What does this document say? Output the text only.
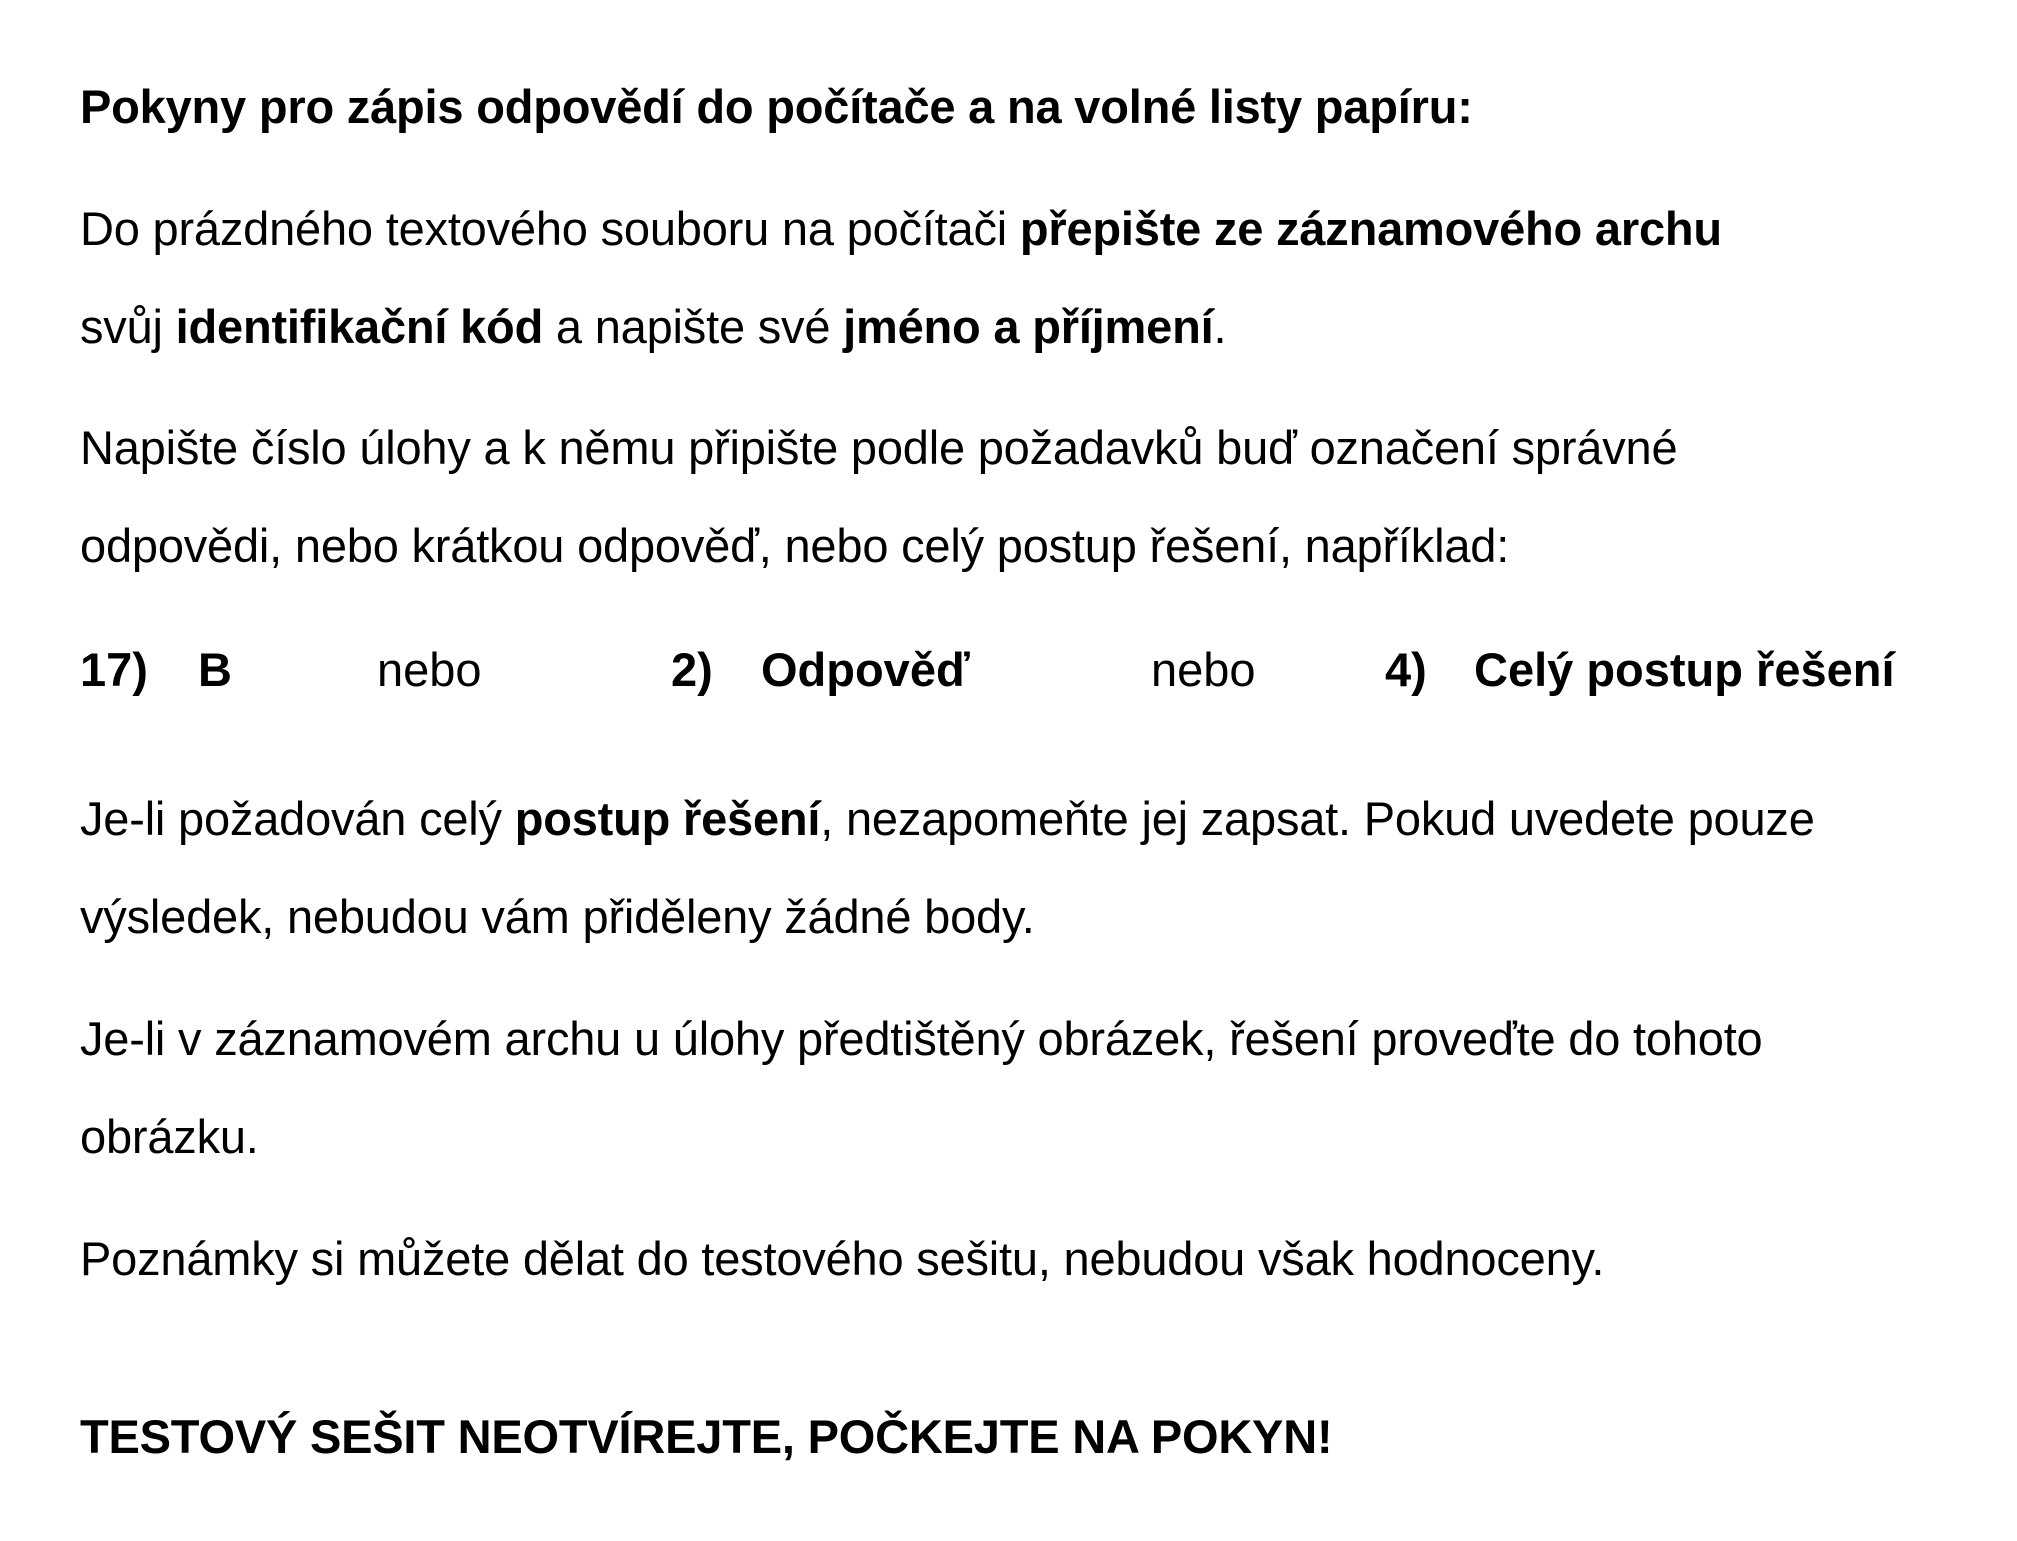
Pokyny pro zápis odpovědí do počítače a na volné listy papíru:
Do prázdného textového souboru na počítači přepište ze záznamového archu
svůj identifikační kód a napište své jméno a příjmení.
Napište číslo úlohy a k němu připište podle požadavků buď označení správné
odpovědi, nebo krátkou odpověď, nebo celý postup řešení, například:
17) B	nebo	2) Odpověď	nebo	4) Celý postup řešení
Je-li požadován celý postup řešení, nezapomeňte jej zapsat. Pokud uvedete pouze
výsledek, nebudou vám přiděleny žádné body.
Je-li v záznamovém archu u úlohy předtištěný obrázek, řešení proveďte do tohoto
obrázku.
Poznámky si můžete dělat do testového sešitu, nebudou však hodnoceny.
TESTOVÝ SEŠIT NEOTVÍREJTE, POČKEJTE NA POKYN!
